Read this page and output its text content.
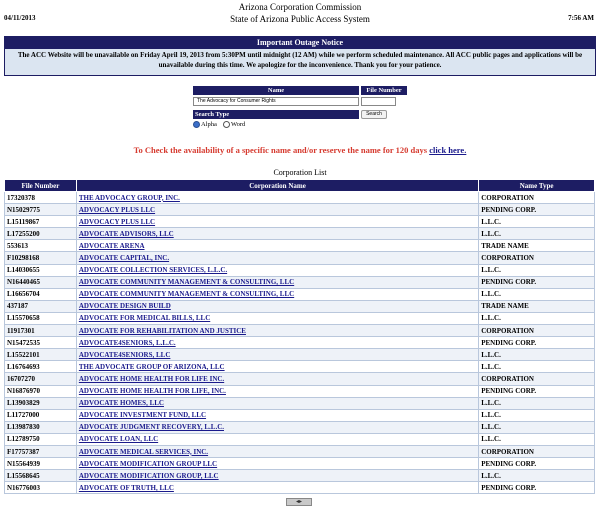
04/11/2013
Arizona Corporation Commission
State of Arizona Public Access System	7:56 AM
Important Outage Notice
The ACC Website will be unavailable on Friday April 19, 2013 from 5:30PM until midnight (12 AM) while we perform scheduled maintenance. All ACC public pages and applications will be unavailable during this time. We apologize for the inconvenience. Thank you for your patience.
Name	File Number
The Advocacy for Consumer Rights
Search Type	Search
Alpha	Word
To Check the availability of a specific name and/or reserve the name for 120 days click here.
Corporation List
File Number	Corporation Name	Name Type
17320378	THE ADVOCACY GROUP, INC.	CORPORATION
N15029775	ADVOCACY PLUS LLC	PENDING CORP.
L15119867	ADVOCACY PLUS LLC	L.L.C.
L17255200	ADVOCATE ADVISORS, LLC	L.L.C.
553613	ADVOCATE ARENA	TRADE NAME
F10298168	ADVOCATE CAPITAL, INC.	CORPORATION
L14030655	ADVOCATE COLLECTION SERVICES, L.L.C.	L.L.C.
N16440465	ADVOCATE COMMUNITY MANAGEMENT & CONSULTING, LLC	PENDING CORP.
L16656704	ADVOCATE COMMUNITY MANAGEMENT & CONSULTING, LLC	L.L.C.
437187	ADVOCATE DESIGN BUILD	TRADE NAME
L15570658	ADVOCATE FOR MEDICAL BILLS, LLC	L.L.C.
11917301	ADVOCATE FOR REHABILITATION AND JUSTICE	CORPORATION
N15472535	ADVOCATE4SENIORS, L.L.C.	PENDING CORP.
L15522101	ADVOCATE4SENIORS, LLC	L.L.C.
L16764693	THE ADVOCATE GROUP OF ARIZONA, LLC	L.L.C.
16707270	ADVOCATE HOME HEALTH FOR LIFE INC.	CORPORATION
N16876970	ADVOCATE HOME HEALTH FOR LIFE, INC.	PENDING CORP.
L13903829	ADVOCATE HOMES, LLC	L.L.C.
L11727000	ADVOCATE INVESTMENT FUND, LLC	L.L.C.
L13987830	ADVOCATE JUDGMENT RECOVERY, L.L.C.	L.L.C.
L12789750	ADVOCATE LOAN, LLC	L.L.C.
F17757387	ADVOCATE MEDICAL SERVICES, INC.	CORPORATION
N15564939	ADVOCATE MODIFICATION GROUP LLC	PENDING CORP.
L15568645	ADVOCATE MODIFICATION GROUP, LLC	L.L.C.
N16776003	ADVOCATE OF TRUTH, LLC	PENDING CORP.
◂▸
